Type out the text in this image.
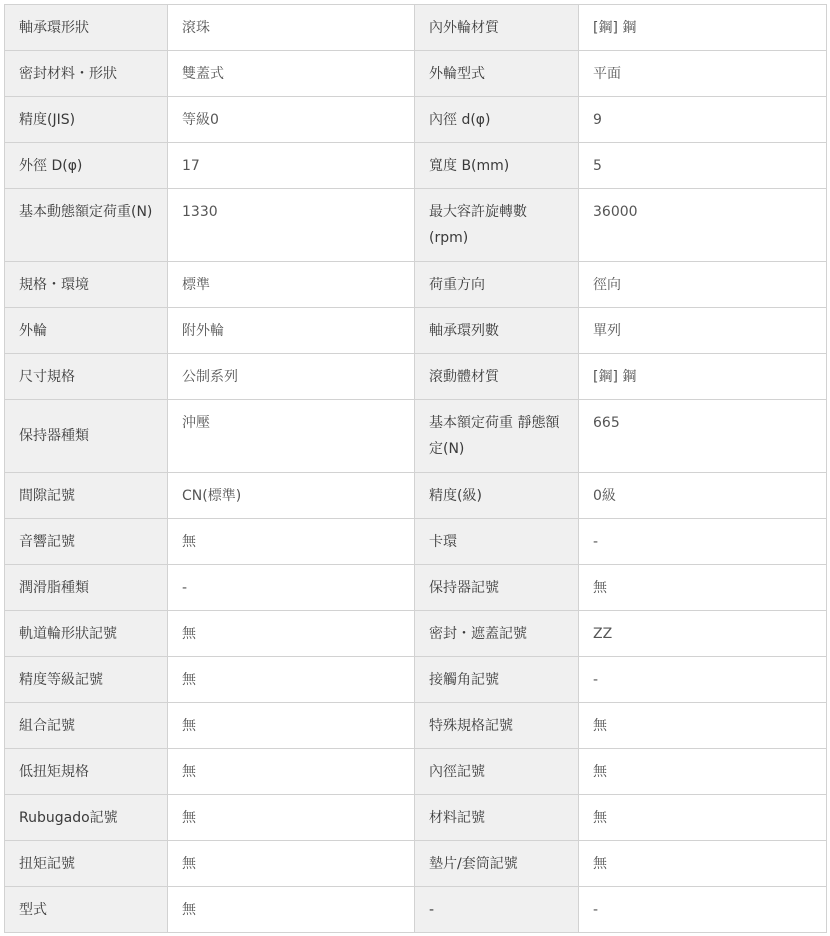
軸承環形狀	滾珠	內外輪材質	[鋼] 鋼
密封材料・形狀	雙蓋式	外輪型式	平面
精度(JIS)	等級0	內徑 d(φ)	9
外徑 D(φ)	17	寬度 B(mm)	5
基本動態額定荷重(N)	1330	最大容許旋轉數(rpm)	36000
規格・環境	標準	荷重方向	徑向
外輪	附外輪	軸承環列數	單列
尺寸規格	公制系列	滾動體材質	[鋼] 鋼
保持器種類	沖壓	基本額定荷重 靜態額定(N)	665
間隙記號	CN(標準)	精度(級)	0級
音響記號	無	卡環	-
潤滑脂種類	-	保持器記號	無
軌道輪形狀記號	無	密封・遮蓋記號	ZZ
精度等級記號	無	接觸角記號	-
組合記號	無	特殊規格記號	無
低扭矩規格	無	內徑記號	無
Rubugado記號	無	材料記號	無
扭矩記號	無	墊片/套筒記號	無
型式	無	-	-
